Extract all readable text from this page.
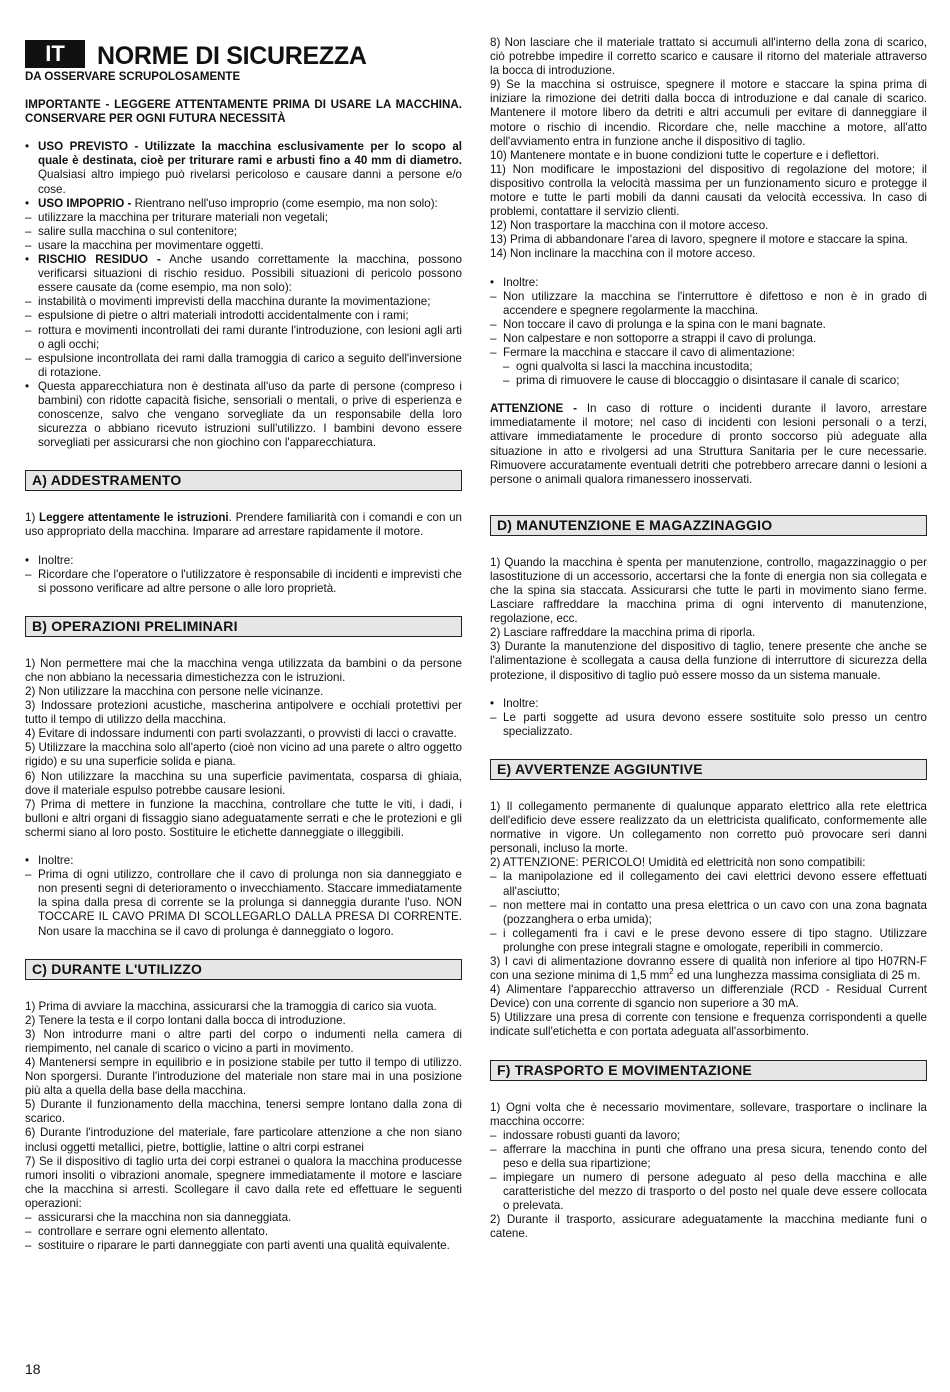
IT	NORME DI SICUREZZA
DA OSSERVARE SCRUPOLOSAMENTE

IMPORTANTE - LEGGERE ATTENTAMENTE PRIMA DI USARE LA MACCHINA. CONSERVARE PER OGNI FUTURA NECESSITÀ

• USO PREVISTO - Utilizzate la macchina esclusivamente per lo scopo al quale è destinata, cioè per triturare rami e arbusti fino a 40 mm di diametro. Qualsiasi altro impiego può rivelarsi pericoloso e causare danni a persone e/o cose.
• USO IMPOPRIO - Rientrano nell'uso improprio (come esempio, ma non solo):
– utilizzare la macchina per triturare materiali non vegetali;
– salire sulla macchina o sul contenitore;
– usare la macchina per movimentare oggetti.
• RISCHIO RESIDUO - Anche usando correttamente la macchina, possono verificarsi situazioni di rischio residuo. Possibili situazioni di pericolo possono essere causate da (come esempio, ma non solo):
– instabilità o movimenti imprevisti della macchina durante la movimentazione;
– espulsione di pietre o altri materiali introdotti accidentalmente con i rami;
– rottura e movimenti incontrollati dei rami durante l'introduzione, con lesioni agli arti o agli occhi;
– espulsione incontrollata dei rami dalla tramoggia di carico a seguito dell'inversione di rotazione.
• Questa apparecchiatura non è destinata all'uso da parte di persone (compreso i bambini) con ridotte capacità fisiche, sensoriali o mentali, o prive di esperienza e conoscenze, salvo che vengano sorvegliate da un responsabile della loro sicurezza o abbiano ricevuto istruzioni sull'utilizzo. I bambini devono essere sorvegliati per assicurarsi che non giochino con l'apparecchiatura.
A) ADDESTRAMENTO

1) Leggere attentamente le istruzioni. Prendere familiarità con i comandi e con un uso appropriato della macchina. Imparare ad arrestare rapidamente il motore.

• Inoltre:
– Ricordare che l'operatore o l'utilizzatore è responsabile di incidenti e imprevisti che si possono verificare ad altre persone o alle loro proprietà.
B) OPERAZIONI PRELIMINARI

1) Non permettere mai che la macchina venga utilizzata da bambini o da persone che non abbiano la necessaria dimestichezza con le istruzioni.

2) Non utilizzare la macchina con persone nelle vicinanze.

3) Indossare protezioni acustiche, mascherina antipolvere e occhiali protettivi per tutto il tempo di utilizzo della macchina.

4) Evitare di indossare indumenti con parti svolazzanti, o provvisti di lacci o cravatte.

5) Utilizzare la macchina solo all'aperto (cioè non vicino ad una parete o altro oggetto rigido) e su una superficie solida e piana.

6) Non utilizzare la macchina su una superficie pavimentata, cosparsa di ghiaia, dove il materiale espulso potrebbe causare lesioni.

7) Prima di mettere in funzione la macchina, controllare che tutte le viti, i dadi, i bulloni e altri organi di fissaggio siano adeguatamente serrati e che le protezioni e gli schermi siano al loro posto. Sostituire le etichette danneggiate o illeggibili.

• Inoltre:
– Prima di ogni utilizzo, controllare che il cavo di prolunga non sia danneggiato e non presenti segni di deterioramento o invecchiamento. Staccare immediatamente la spina dalla presa di corrente se la prolunga si danneggia durante l'uso. NON TOCCARE IL CAVO PRIMA DI SCOLLEGARLO DALLA PRESA DI CORRENTE. Non usare la macchina se il cavo di prolunga è danneggiato o logoro.
C) DURANTE L'UTILIZZO

1) Prima di avviare la macchina, assicurarsi che la tramoggia di carico sia vuota.

2) Tenere la testa e il corpo lontani dalla bocca di introduzione.

3) Non introdurre mani o altre parti del corpo o indumenti nella camera di riempimento, nel canale di scarico o vicino a parti in movimento.

4) Mantenersi sempre in equilibrio e in posizione stabile per tutto il tempo di utilizzo. Non sporgersi. Durante l'introduzione del materiale non stare mai in una posizione più alta a quella della base della macchina.

5) Durante il funzionamento della macchina, tenersi sempre lontano dalla zona di scarico.

6) Durante l'introduzione del materiale, fare particolare attenzione a che non siano inclusi oggetti metallici, pietre, bottiglie, lattine o altri corpi estranei

7) Se il dispositivo di taglio urta dei corpi estranei o qualora la macchina producesse rumori insoliti o vibrazioni anomale, spegnere immediatamente il motore e lasciare che la macchina si arresti. Scollegare il cavo dalla rete ed effettuare le seguenti operazioni:

– assicurarsi che la macchina non sia danneggiata.
– controllare e serrare ogni elemento allentato.
– sostituire o riparare le parti danneggiate con parti aventi una qualità equivalente.

8) Non lasciare che il materiale trattato si accumuli all'interno della zona di scarico, ciò potrebbe impedire il corretto scarico e causare il ritorno del materiale attraverso la bocca di introduzione.

9) Se la macchina si ostruisce, spegnere il motore e staccare la spina prima di iniziare la rimozione dei detriti dalla bocca di introduzione e dal canale di scarico. Mantenere il motore libero da detriti e altri accumuli per evitare di danneggiare il motore o rischio di incendio. Ricordare che, nelle macchine a motore, all'atto dell'avviamento entra in funzione anche il dispositivo di taglio.

10) Mantenere montate e in buone condizioni tutte le coperture e i deflettori.

11) Non modificare le impostazioni del dispositivo di regolazione del motore; il dispositivo controlla la velocità massima per un funzionamento sicuro e protegge il motore e tutte le parti mobili da danni causati da velocità eccessiva. In caso di problemi, contattare il servizio clienti.

12) Non trasportare la macchina con il motore acceso.

13) Prima di abbandonare l'area di lavoro, spegnere il motore e staccare la spina.

14) Non inclinare la macchina con il motore acceso.

• Inoltre:
– Non utilizzare la macchina se l'interruttore è difettoso e non è in grado di accendere e spegnere regolarmente la macchina.
– Non toccare il cavo di prolunga e la spina con le mani bagnate.
– Non calpestare e non sottoporre a strappi il cavo di prolunga.
– Fermare la macchina e staccare il cavo di alimentazione:
– ogni qualvolta si lasci la macchina incustodita;
– prima di rimuovere le cause di bloccaggio o disintasare il canale di scarico;

ATTENZIONE - In caso di rotture o incidenti durante il lavoro, arrestare immediatamente il motore; nel caso di incidenti con lesioni personali o a terzi, attivare immediatamente le procedure di pronto soccorso più adeguate alla situazione in atto e rivolgersi ad una Struttura Sanitaria per le cure necessarie. Rimuovere accuratamente eventuali detriti che potrebbero arrecare danni o lesioni a persone o animali qualora rimanessero inosservati.

D) MANUTENZIONE E MAGAZZINAGGIO

1) Quando la macchina è spenta per manutenzione, controllo, magazzinaggio o per lasostituzione di un accessorio, accertarsi che la fonte di energia non sia collegata e che la spina sia staccata. Assicurarsi che tutte le parti in movimento siano ferme. Lasciare raffreddare la macchina prima di ogni intervento di manutenzione, regolazione, ecc.

2) Lasciare raffreddare la macchina prima di riporla.

3) Durante la manutenzione del dispositivo di taglio, tenere presente che anche se l'alimentazione è scollegata a causa della funzione di interruttore di sicurezza della protezione, il dispositivo di taglio può essere mosso da un sistema manuale.

• Inoltre:
– Le parti soggette ad usura devono essere sostituite solo presso un centro specializzato.
E) AVVERTENZE AGGIUNTIVE

1) Il collegamento permanente di qualunque apparato elettrico alla rete elettrica dell'edificio deve essere realizzato da un elettricista qualificato, conformemente alle normative in vigore. Un collegamento non corretto può provocare seri danni personali, incluso la morte.

2) ATTENZIONE: PERICOLO! Umidità ed elettricità non sono compatibili:

– la manipolazione ed il collegamento dei cavi elettrici devono essere effettuati all'asciutto;
– non mettere mai in contatto una presa elettrica o un cavo con una zona bagnata (pozzanghera o erba umida);
– i collegamenti fra i cavi e le prese devono essere di tipo stagno. Utilizzare prolunghe con prese integrali stagne e omologate, reperibili in commercio.

3) I cavi di alimentazione dovranno essere di qualità non inferiore al tipo H07RN-F con una sezione minima di 1,5 $mm^2$ ed una lunghezza massima consigliata di 25 m.

4) Alimentare l'apparecchio attraverso un differenziale (RCD - Residual Current Device) con una corrente di sgancio non superiore a 30 mA.

5) Utilizzare una presa di corrente con tensione e frequenza corrispondenti a quelle indicate sull'etichetta e con portata adeguata all'assorbimento.

F) TRASPORTO E MOVIMENTAZIONE

1) Ogni volta che è necessario movimentare, sollevare, trasportare o inclinare la macchina occorre:

– indossare robusti guanti da lavoro;
– afferrare la macchina in punti che offrano una presa sicura, tenendo conto del peso e della sua ripartizione;
– impiegare un numero di persone adeguato al peso della macchina e alle caratteristiche del mezzo di trasporto o del posto nel quale deve essere collocata o prelevata.

2) Durante il trasporto, assicurare adeguatamente la macchina mediante funi o catene.

18
